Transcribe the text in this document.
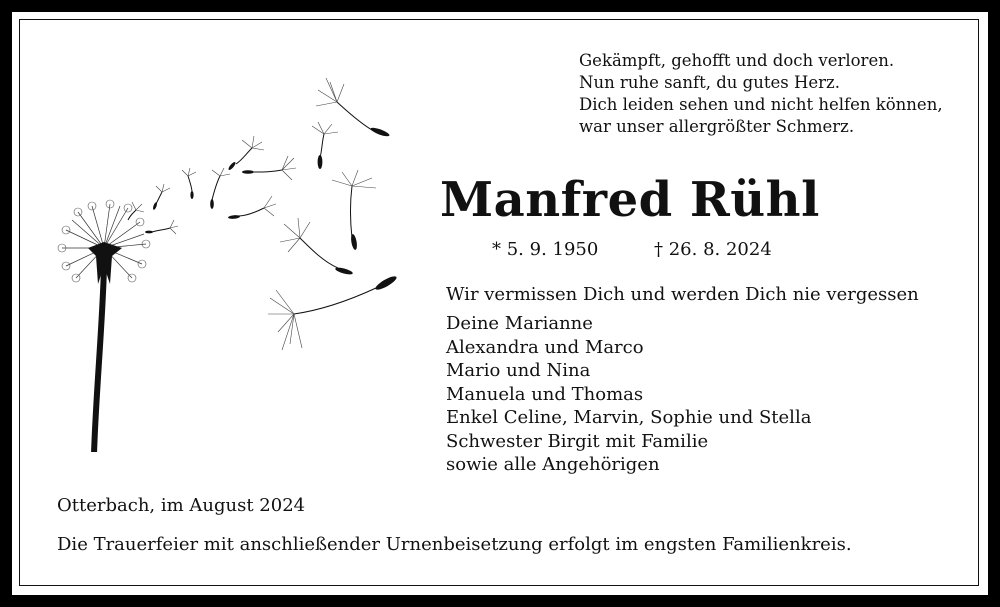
Gekämpft, gehofft und doch verloren.
Nun ruhe sanft, du gutes Herz.
Dich leiden sehen und nicht helfen können,
war unser allergrößter Schmerz.
Manfred Rühl
* 5. 9. 1950	† 26. 8. 2024
Wir vermissen Dich und werden Dich nie vergessen
Deine Marianne
Alexandra und Marco
Mario und Nina
Manuela und Thomas
Enkel Celine, Marvin, Sophie und Stella
Schwester Birgit mit Familie
sowie alle Angehörigen
Otterbach, im August 2024
Die Trauerfeier mit anschließender Urnenbeisetzung erfolgt im engsten Familienkreis.
